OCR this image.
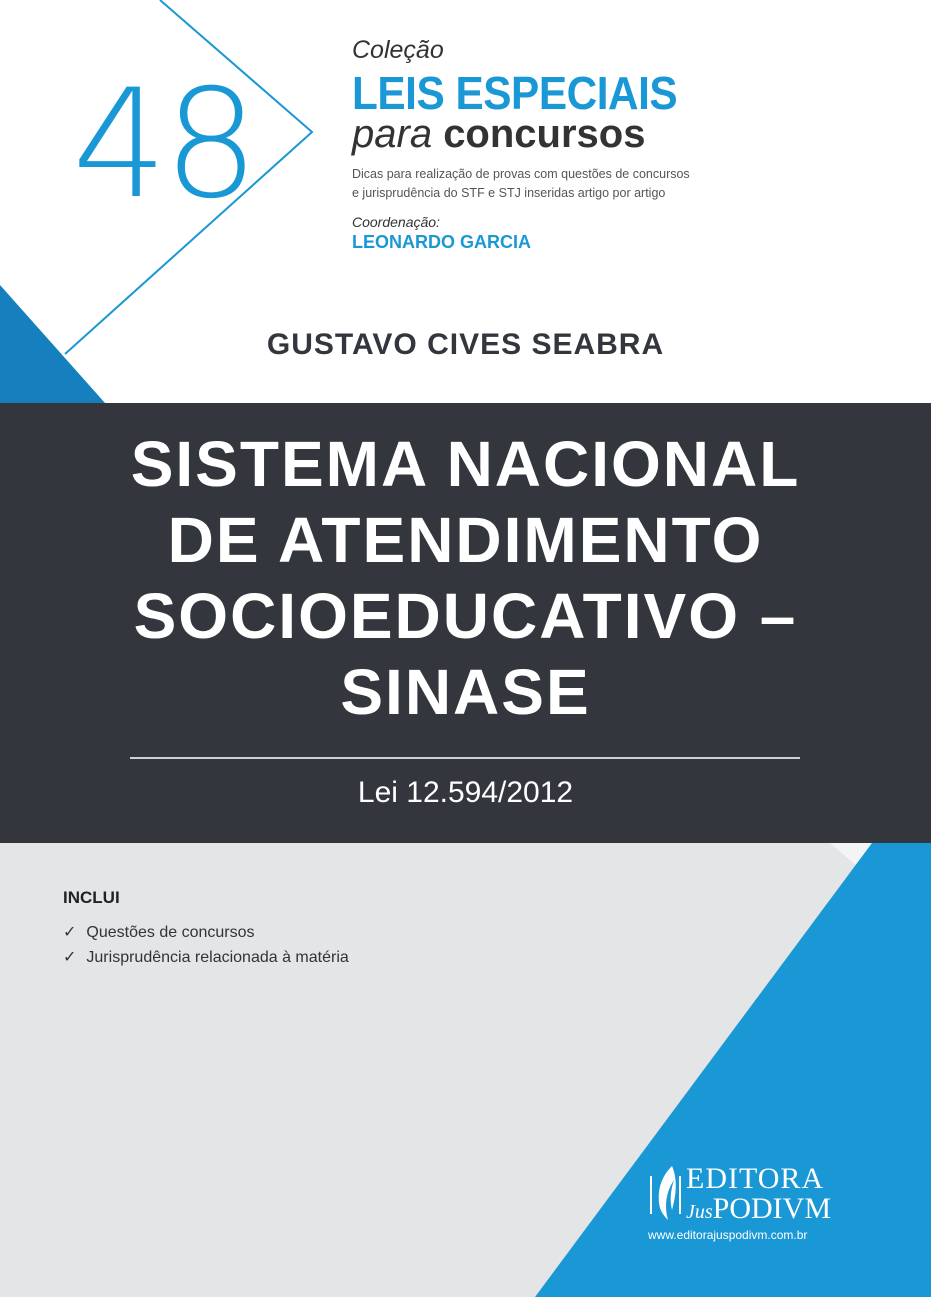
48
Coleção
LEIS ESPECIAIS
para concursos
Dicas para realização de provas com questões de concursos
e jurisprudência do STF e STJ inseridas artigo por artigo
Coordenação:
LEONARDO GARCIA
GUSTAVO CIVES SEABRA
SISTEMA NACIONAL
DE ATENDIMENTO
SOCIOEDUCATIVO –
SINASE
Lei 12.594/2012
INCLUI
✓ Questões de concursos
✓ Jurisprudência relacionada à matéria
EDITORA
JusPODIVM
www.editorajuspodivm.com.br
